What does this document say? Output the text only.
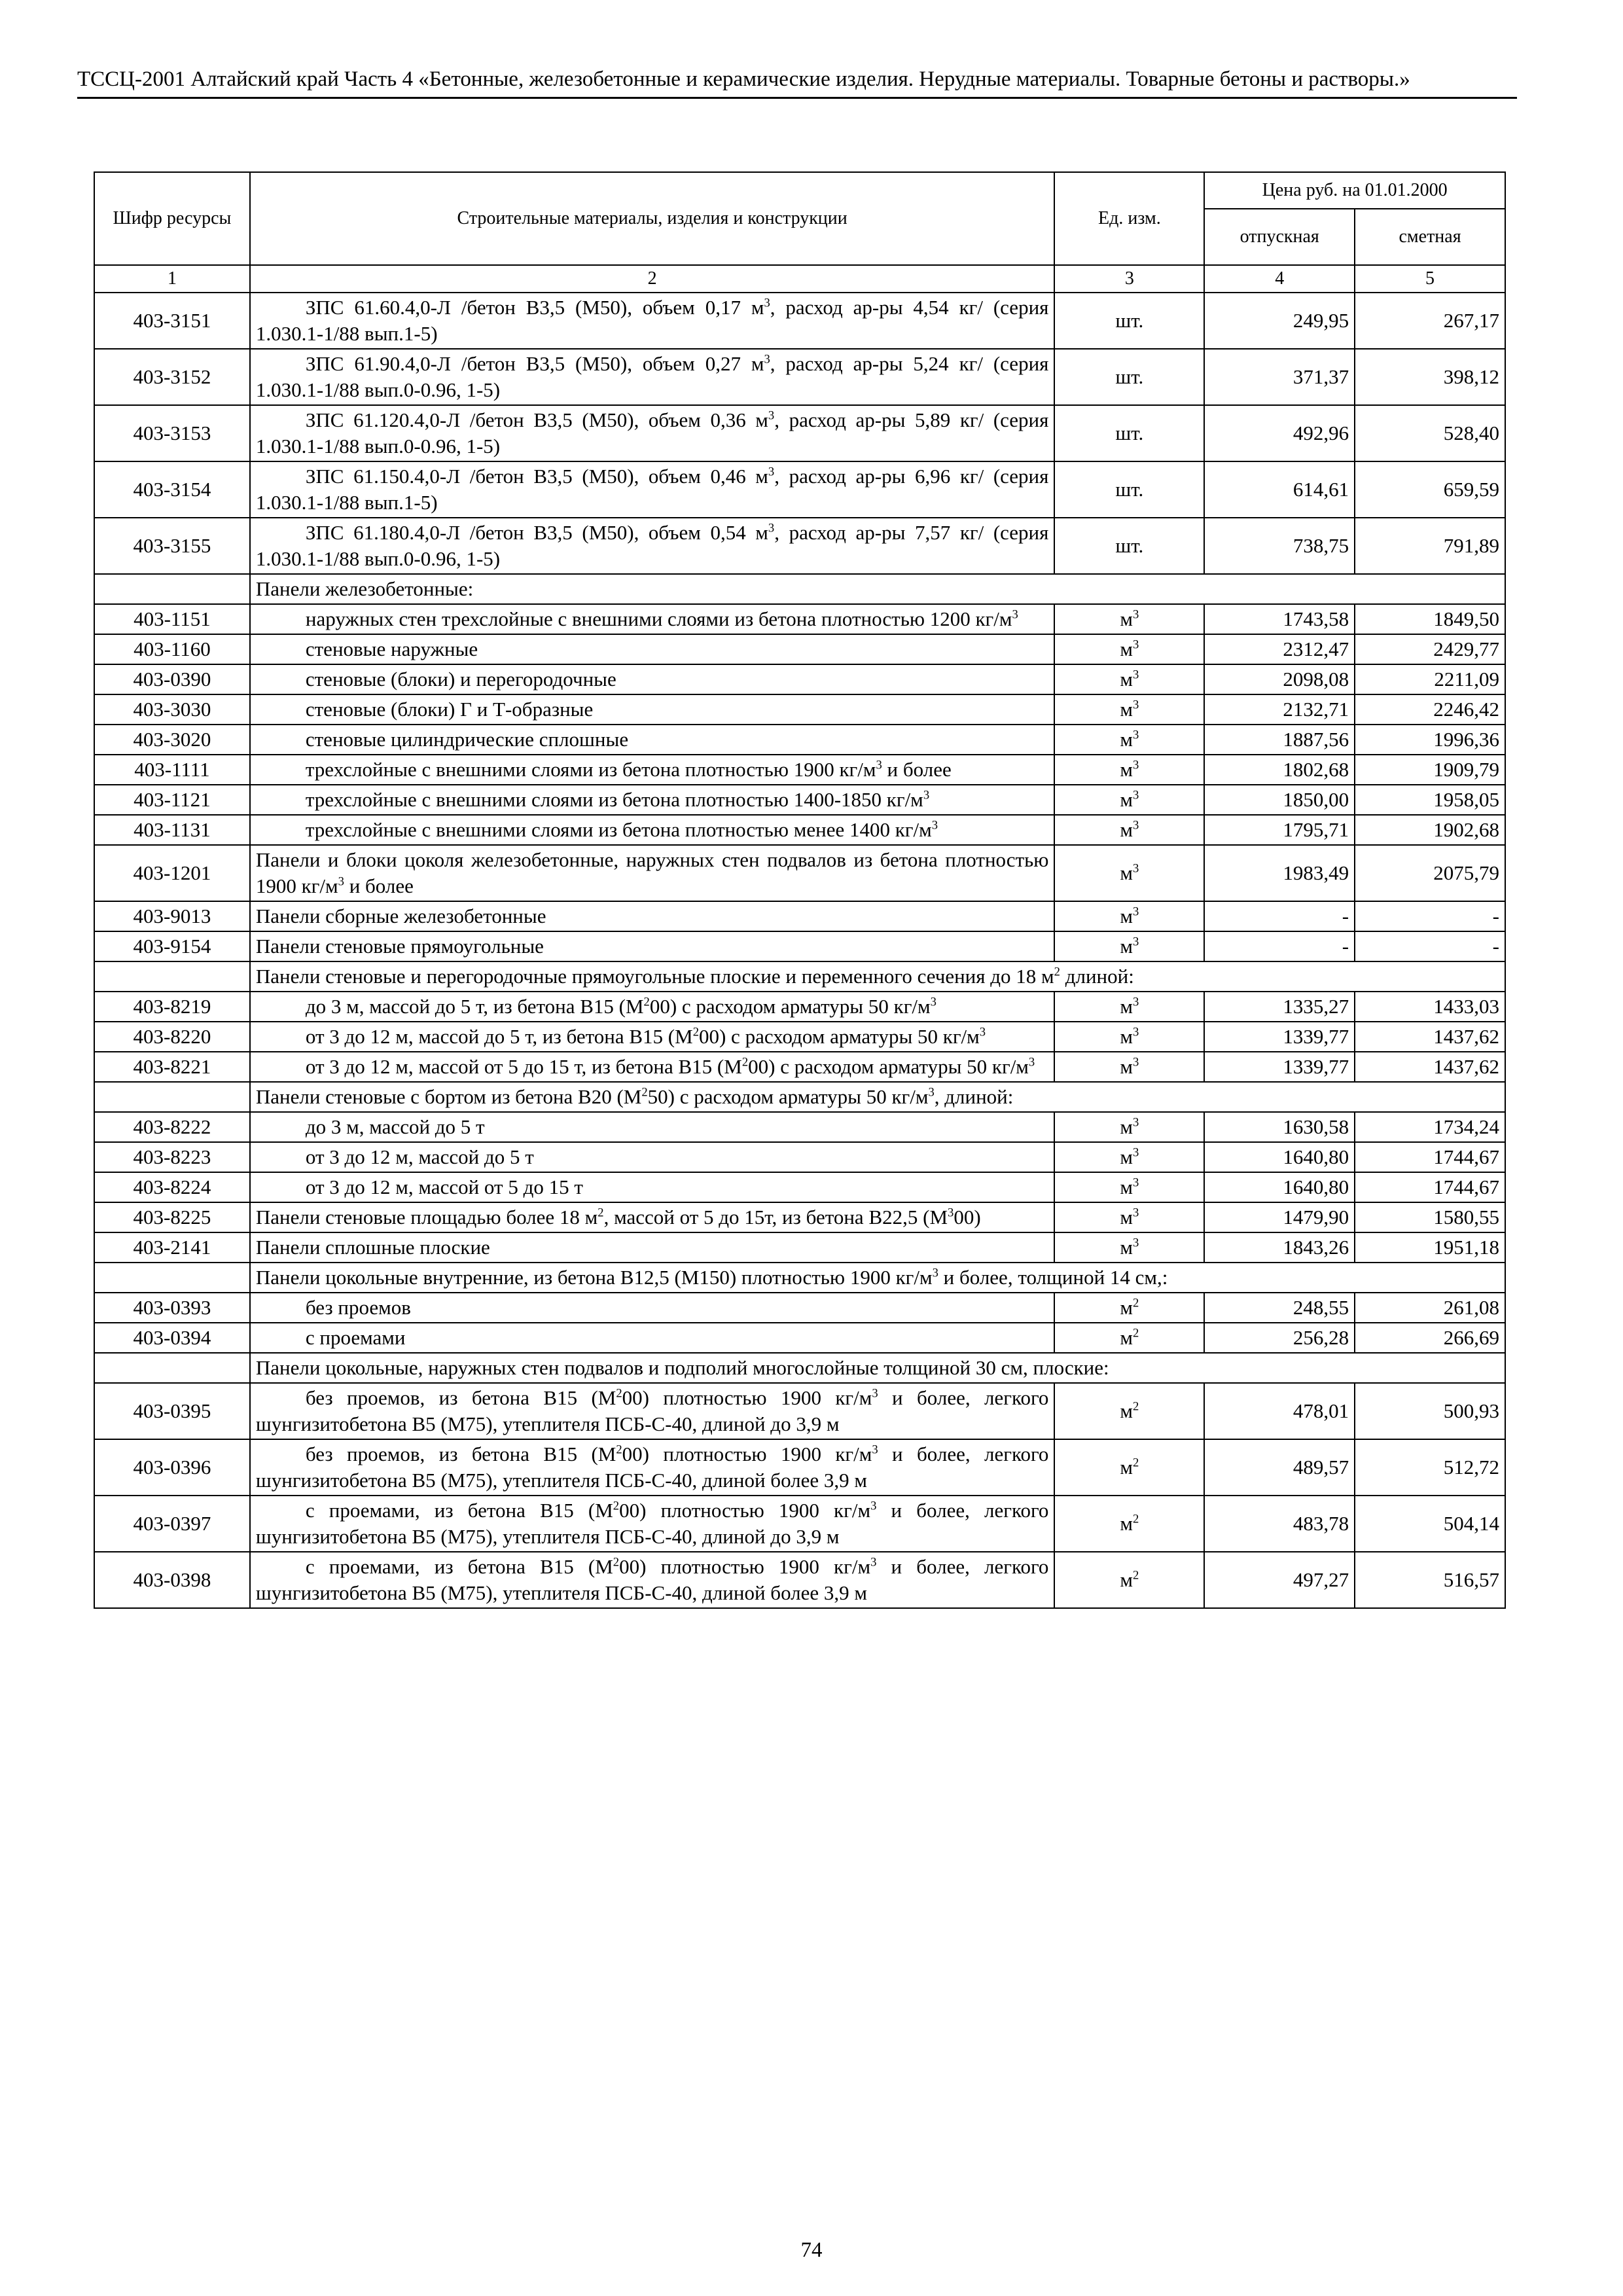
ТССЦ-2001 Алтайский край Часть 4 «Бетонные, железобетонные и керамические изделия. Нерудные материалы. Товарные бетоны и растворы.»
Шифр ресурсы	Строительные материалы, изделия и конструкции	Ед. изм.	Цена руб. на 01.01.2000	
			отпускная	сметная
1	2	3	4	5
403-3151	ЗПС 61.60.4,0-Л /бетон В3,5 (М50), объем 0,17 $м^3$, расход ар-ры 4,54 кг/ (серия 1.030.1-1/88 вып.1-5)	шт.	249,95	267,17
403-3152	ЗПС 61.90.4,0-Л /бетон В3,5 (М50), объем 0,27 $м^3$, расход ар-ры 5,24 кг/ (серия 1.030.1-1/88 вып.0-0.96, 1-5)	шт.	371,37	398,12
403-3153	ЗПС 61.120.4,0-Л /бетон В3,5 (М50), объем 0,36 $м^3$, расход ар-ры 5,89 кг/ (серия 1.030.1-1/88 вып.0-0.96, 1-5)	шт.	492,96	528,40
403-3154	ЗПС 61.150.4,0-Л /бетон В3,5 (М50), объем 0,46 $м^3$, расход ар-ры 6,96 кг/ (серия 1.030.1-1/88 вып.1-5)	шт.	614,61	659,59
403-3155	ЗПС 61.180.4,0-Л /бетон В3,5 (М50), объем 0,54 $м^3$, расход ар-ры 7,57 кг/ (серия 1.030.1-1/88 вып.0-0.96, 1-5)	шт.	738,75	791,89
	Панели железобетонные:			
403-1151	наружных стен трехслойные с внешними слоями из бетона плотностью 1200 $кг/м^3$	$м^3$	1743,58	1849,50
403-1160	стеновые наружные	$м^3$	2312,47	2429,77
403-0390	стеновые (блоки) и перегородочные	$м^3$	2098,08	2211,09
403-3030	стеновые (блоки) Г и Т-образные	$м^3$	2132,71	2246,42
403-3020	стеновые цилиндрические сплошные	$м^3$	1887,56	1996,36
403-1111	трехслойные с внешними слоями из бетона плотностью 1900 $кг/м^3$ и более	$м^3$	1802,68	1909,79
403-1121	трехслойные с внешними слоями из бетона плотностью 1400-1850 $кг/м^3$	$м^3$	1850,00	1958,05
403-1131	трехслойные с внешними слоями из бетона плотностью менее 1400 $кг/м^3$	$м^3$	1795,71	1902,68
403-1201	Панели и блоки цоколя железобетонные, наружных стен подвалов из бетона плотностью 1900 $кг/м^3$ и более	$м^3$	1983,49	2075,79
403-9013	Панели сборные железобетонные	$м^3$	-	-
403-9154	Панели стеновые прямоугольные	$м^3$	-	-
	Панели стеновые и перегородочные прямоугольные плоские и переменного сечения до 18 $м^2$ длиной:			
403-8219	до 3 м, массой до 5 т, из бетона В15 $(М^200)$ с расходом арматуры 50 $кг/м^3$	$м^3$	1335,27	1433,03
403-8220	от 3 до 12 м, массой до 5 т, из бетона В15 $(М^200)$ с расходом арматуры 50 $кг/м^3$	$м^3$	1339,77	1437,62
403-8221	от 3 до 12 м, массой от 5 до 15 т, из бетона В15 $(М^200)$ с расходом арматуры 50 $кг/м^3$	$м^3$	1339,77	1437,62
	Панели стеновые с бортом из бетона В20 $(М^250)$ с расходом арматуры 50 $кг/м^3$, длиной:			
403-8222	до 3 м, массой до 5 т	$м^3$	1630,58	1734,24
403-8223	от 3 до 12 м, массой до 5 т	$м^3$	1640,80	1744,67
403-8224	от 3 до 12 м, массой от 5 до 15 т	$м^3$	1640,80	1744,67
403-8225	Панели стеновые площадью более 18 $м^2$, массой от 5 до 15т, из бетона В22,5 $(М^300)$	$м^3$	1479,90	1580,55
403-2141	Панели сплошные плоские	$м^3$	1843,26	1951,18
	Панели цокольные внутренние, из бетона В12,5 (М150) плотностью 1900 $кг/м^3$ и более, толщиной 14 см,:			
403-0393	без проемов	$м^2$	248,55	261,08
403-0394	с проемами	$м^2$	256,28	266,69
	Панели цокольные, наружных стен подвалов и подполий многослойные толщиной 30 см, плоские:			
403-0395	без проемов, из бетона В15 $(М^200)$ плотностью 1900 $кг/м^3$ и более, легкого шунгизитобетона В5 (М75), утеплителя ПСБ-С-40, длиной до 3,9 м	$м^2$	478,01	500,93
403-0396	без проемов, из бетона В15 $(М^200)$ плотностью 1900 $кг/м^3$ и более, легкого шунгизитобетона В5 (М75), утеплителя ПСБ-С-40, длиной более 3,9 м	$м^2$	489,57	512,72
403-0397	с проемами, из бетона В15 $(М^200)$ плотностью 1900 $кг/м^3$ и более, легкого шунгизитобетона В5 (М75), утеплителя ПСБ-С-40, длиной до 3,9 м	$м^2$	483,78	504,14
403-0398	с проемами, из бетона В15 $(М^200)$ плотностью 1900 $кг/м^3$ и более, легкого шунгизитобетона В5 (М75), утеплителя ПСБ-С-40, длиной более 3,9 м	$м^2$	497,27	516,57
74
